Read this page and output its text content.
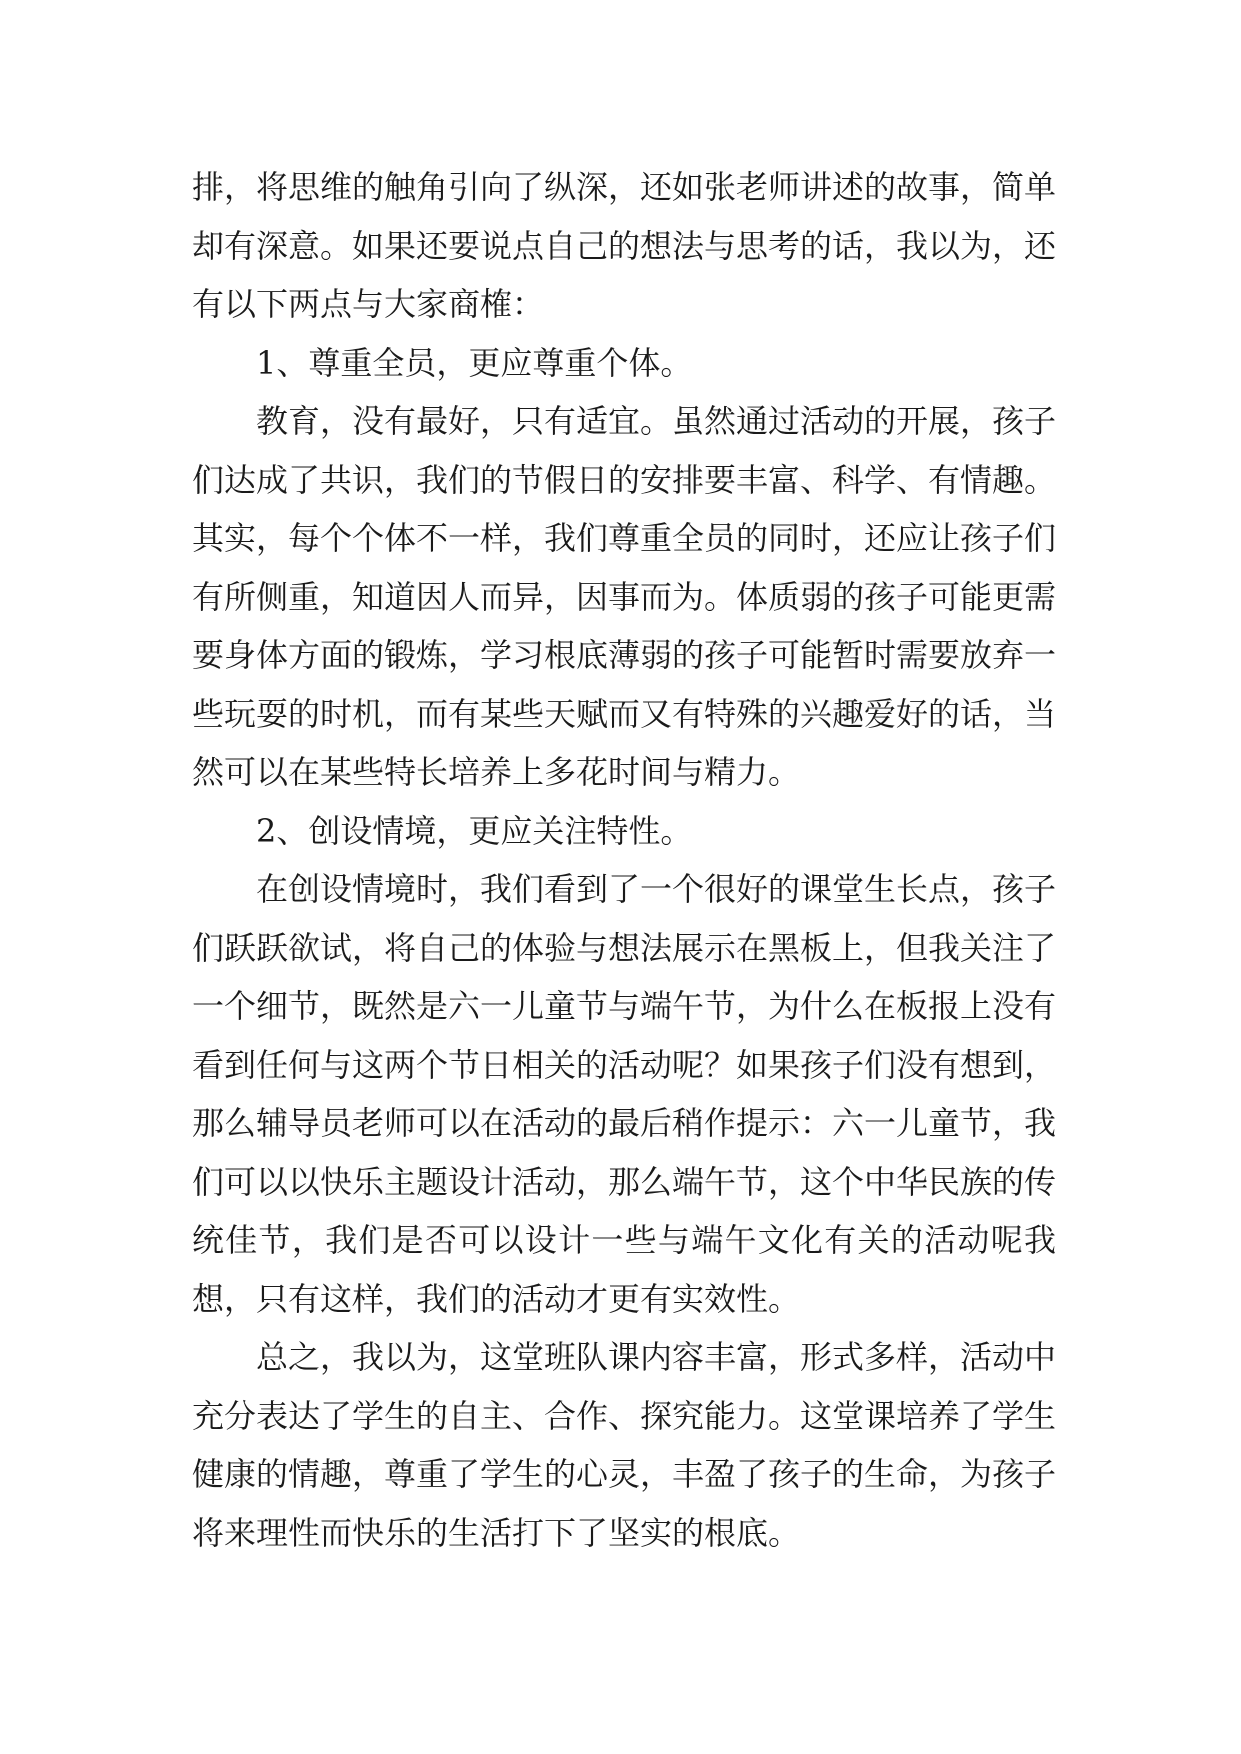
排，将思维的触角引向了纵深，还如张老师讲述的故事，简单却有深意。如果还要说点自己的想法与思考的话，我以为，还有以下两点与大家商榷：

1、尊重全员，更应尊重个体。

教育，没有最好，只有适宜。虽然通过活动的开展，孩子们达成了共识，我们的节假日的安排要丰富、科学、有情趣。其实，每个个体不一样，我们尊重全员的同时，还应让孩子们有所侧重，知道因人而异，因事而为。体质弱的孩子可能更需要身体方面的锻炼，学习根底薄弱的孩子可能暂时需要放弃一些玩耍的时机，而有某些天赋而又有特殊的兴趣爱好的话，当然可以在某些特长培养上多花时间与精力。

2、创设情境，更应关注特性。

在创设情境时，我们看到了一个很好的课堂生长点，孩子们跃跃欲试，将自己的体验与想法展示在黑板上，但我关注了一个细节，既然是六一儿童节与端午节，为什么在板报上没有看到任何与这两个节日相关的活动呢？如果孩子们没有想到，那么辅导员老师可以在活动的最后稍作提示：六一儿童节，我们可以以快乐主题设计活动，那么端午节，这个中华民族的传统佳节，我们是否可以设计一些与端午文化有关的活动呢我想，只有这样，我们的活动才更有实效性。

总之，我以为，这堂班队课内容丰富，形式多样，活动中充分表达了学生的自主、合作、探究能力。这堂课培养了学生健康的情趣，尊重了学生的心灵，丰盈了孩子的生命，为孩子将来理性而快乐的生活打下了坚实的根底。
